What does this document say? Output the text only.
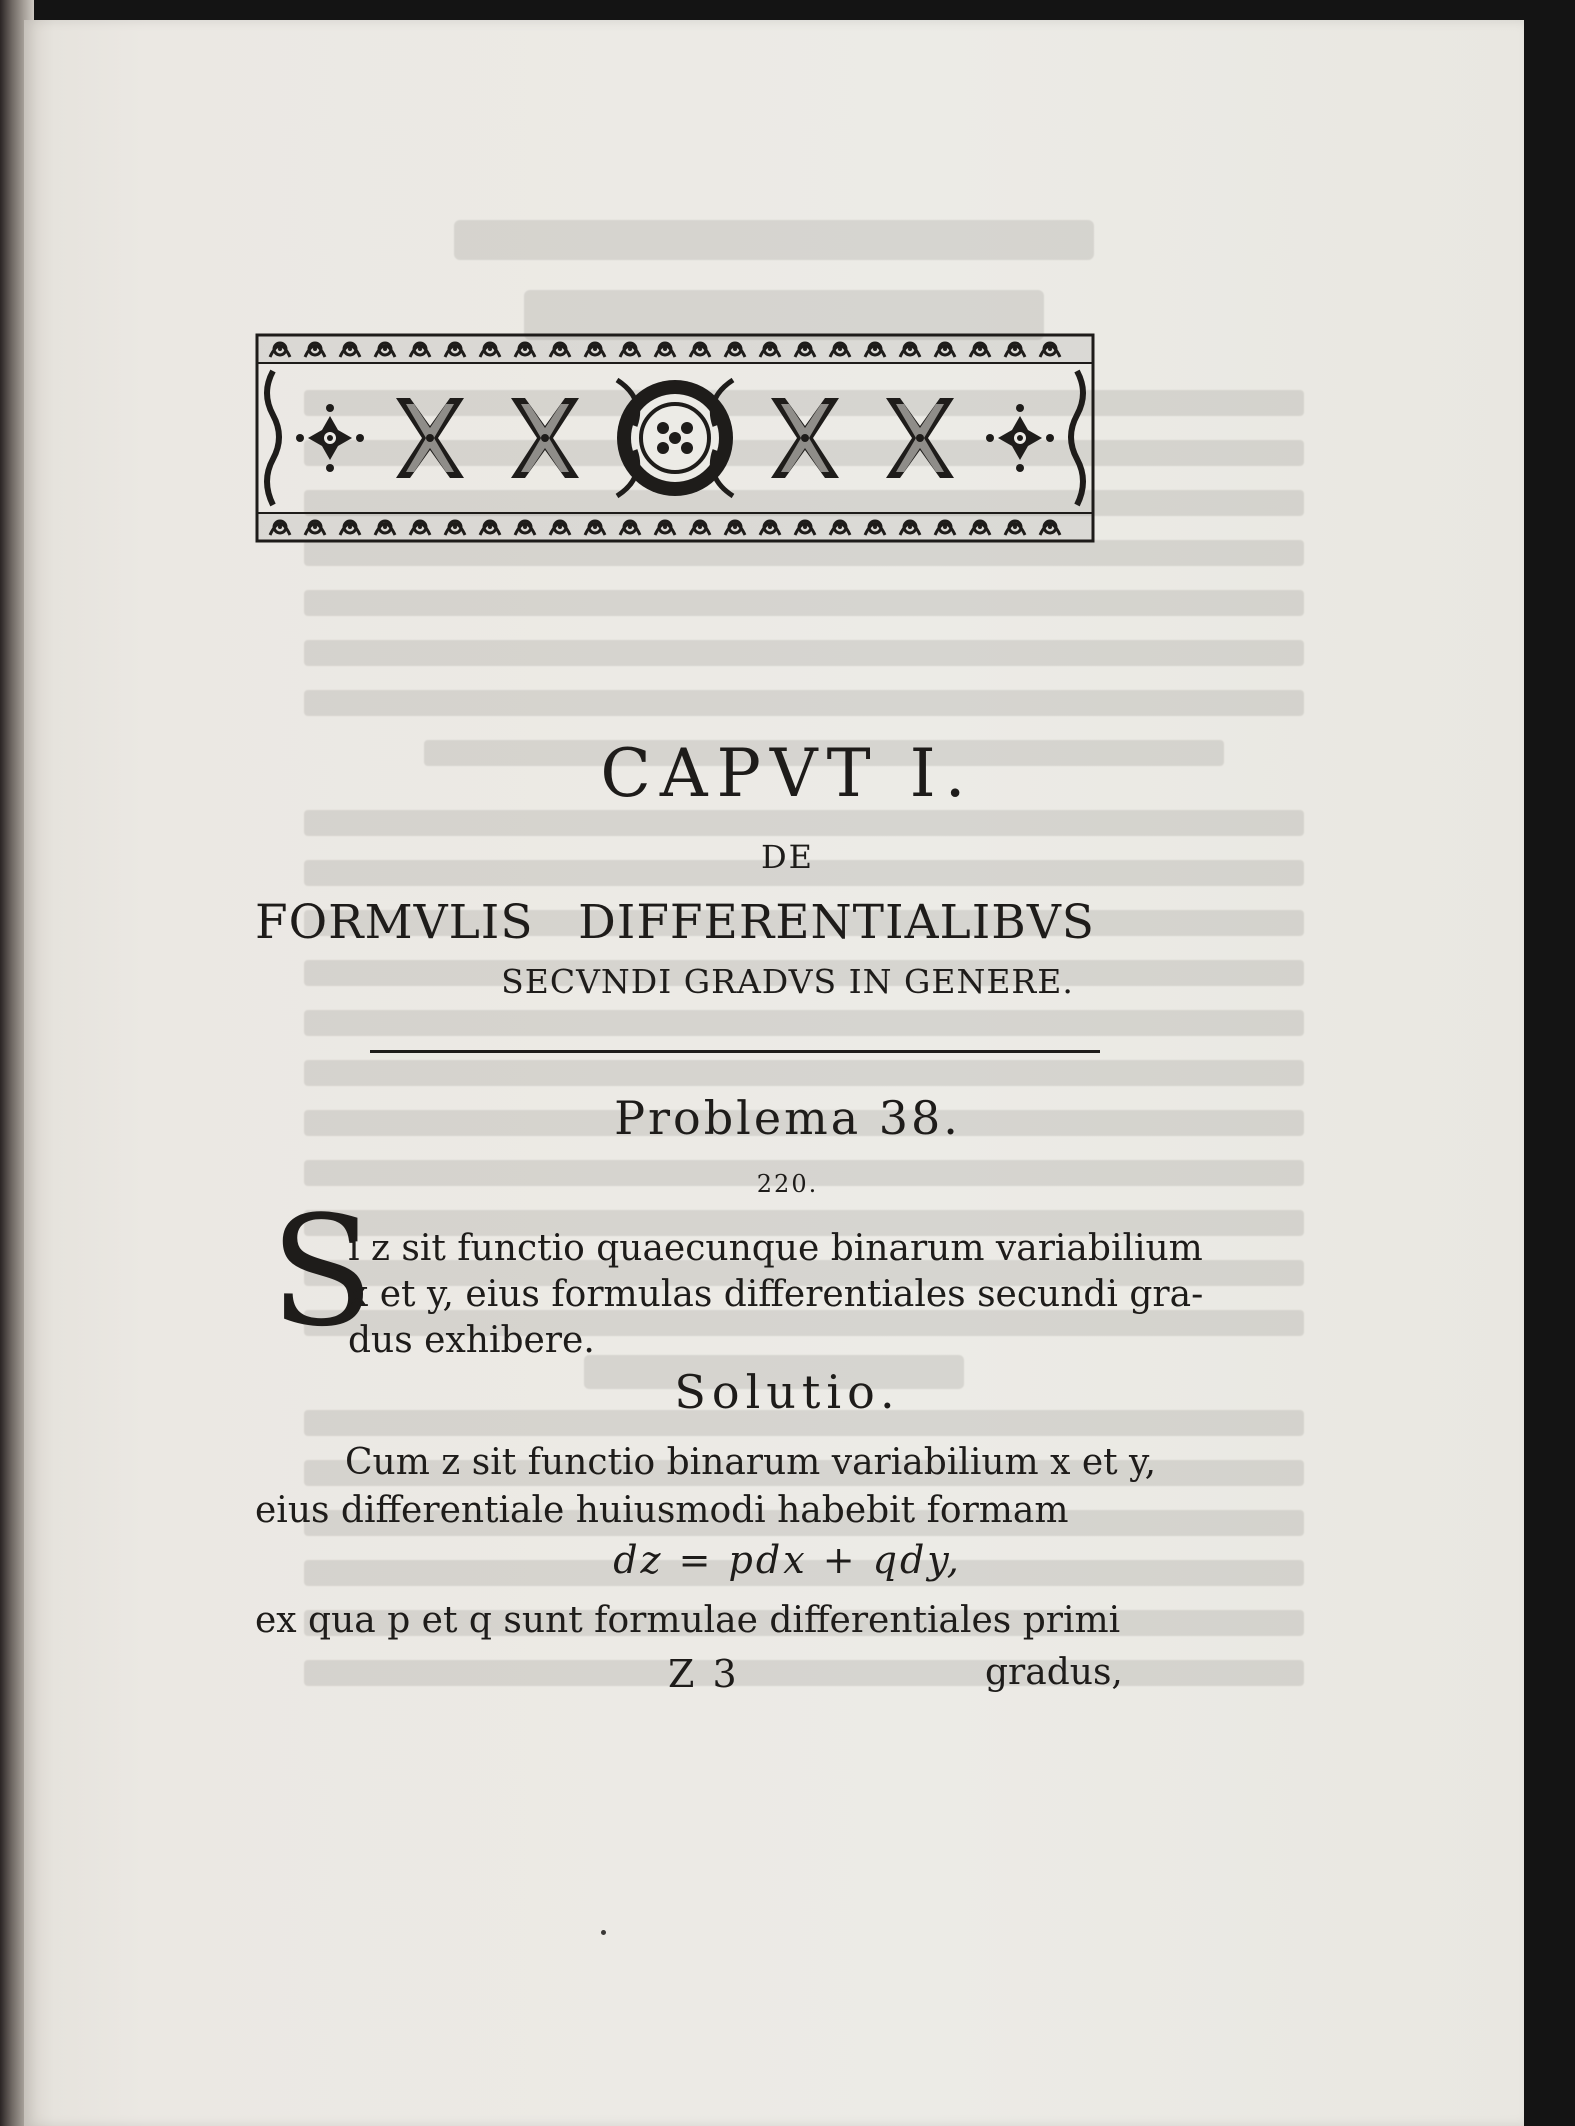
CAPVT I.
DE
FORMVLIS DIFFERENTIALIBVS
SECVNDI GRADVS IN GENERE.
Problema 38.
220.
S
i z sit functio quaecunque binarum variabilium
x et y, eius formulas differentiales secundi gra-
dus exhibere.
Solutio.
Cum z sit functio binarum variabilium x et y,
eius differentiale huiusmodi habebit formam
dz = pdx + qdy,
ex qua p et q sunt formulae differentiales primi
Z 3	gradus,
